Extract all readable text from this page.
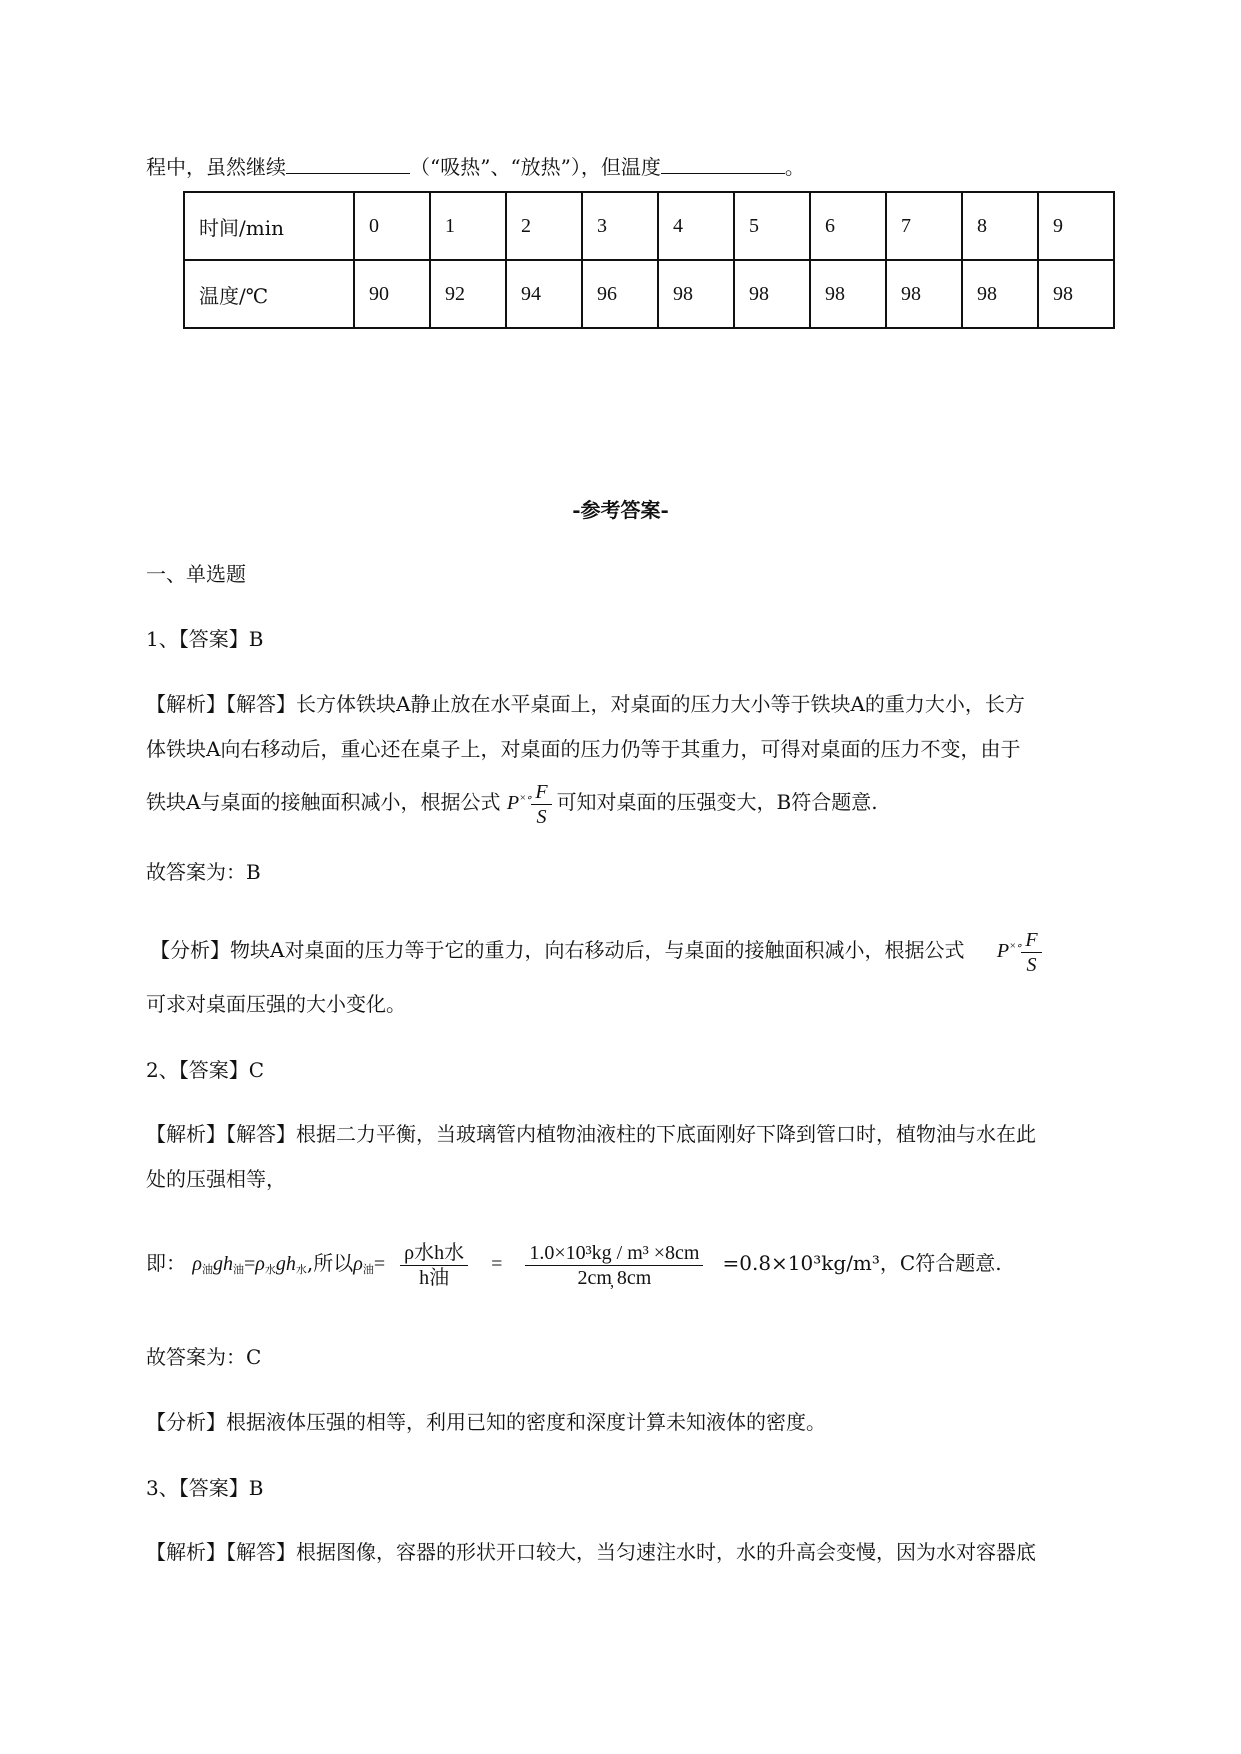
程中，虽然继续	（“吸热”、“放热”），但温度	。
时间/min	0	1	2	3	4	5	6	7	8	9
温度/℃	90	92	94	96	98	98	98	98	98	98
-参考答案-
一、单选题
1、【答案】B
【解析】【解答】长方体铁块A静止放在水平桌面上，对桌面的压力大小等于铁块A的重力大小，长方
体铁块A向右移动后，重心还在桌子上，对桌面的压力仍等于其重力，可得对桌面的压力不变，由于
铁块A与桌面的接触面积减小，根据公式 $P^{\times\circ} \frac{F}{S}$ 可知对桌面的压强变大，B符合题意.
故答案为：B
【分析】物块A对桌面的压力等于它的重力，向右移动后，与桌面的接触面积减小，根据公式 $P^{\times\circ} \frac{F}{S}$
可求对桌面压强的大小变化。
2、【答案】C
【解析】【解答】根据二力平衡，当玻璃管内植物油液柱的下底面刚好下降到管口时，植物油与水在此
处的压强相等，
即： $\rho_油gh_油=\rho_水gh_水$,所以$\rho_油= \frac{\text{ρ水h水}}{\text{h油}} = \frac{\text{1.0×10³kg / m³ ×8cm}}{2cm̦ 8cm} =0.8\times 10^3kg/m^3$，C符合题意.
故答案为：C
【分析】根据液体压强的相等，利用已知的密度和深度计算未知液体的密度。
3、【答案】B
【解析】【解答】根据图像，容器的形状开口较大，当匀速注水时，水的升高会变慢，因为水对容器底
